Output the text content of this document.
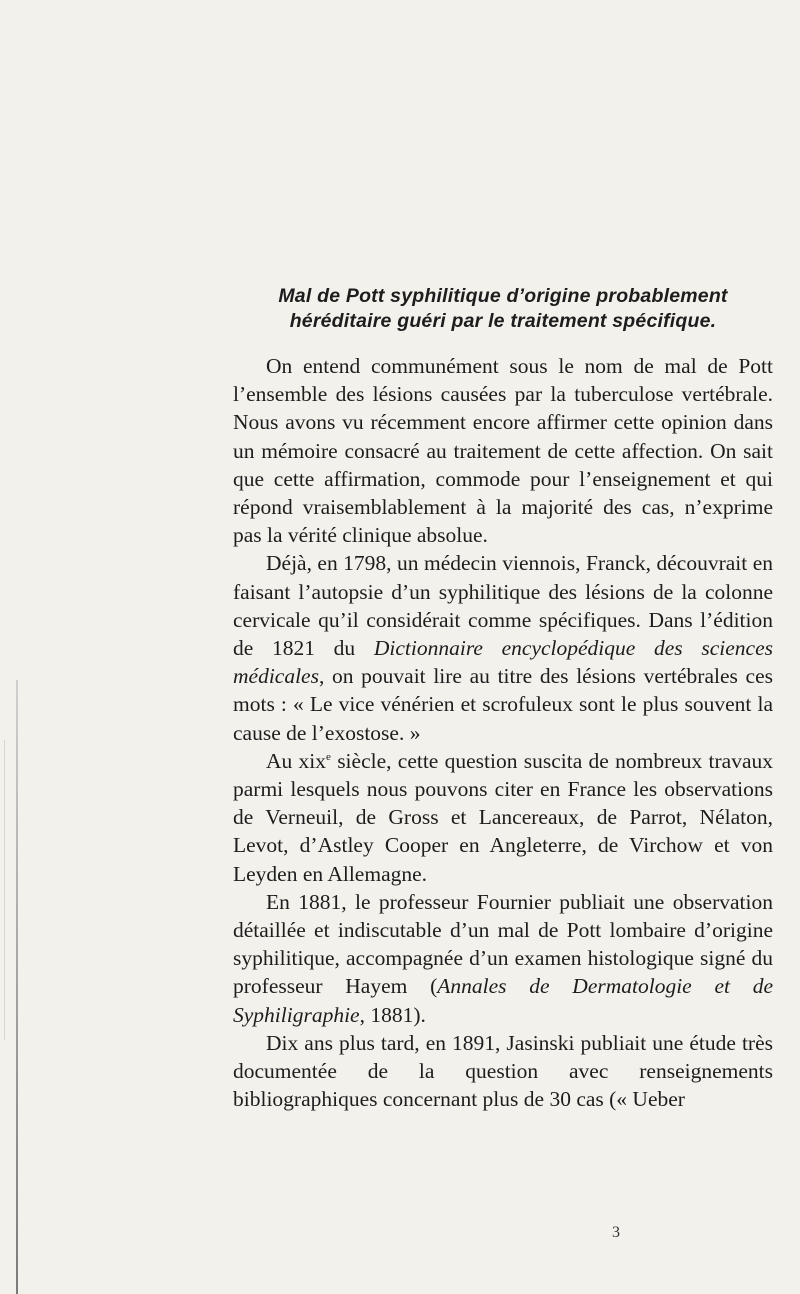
Mal de Pott syphilitique d’origine probablement
héréditaire guéri par le traitement spécifique.

On entend communément sous le nom de mal de Pott l’ensemble des lésions causées par la tuberculose vertébrale. Nous avons vu récemment encore affirmer cette opinion dans un mémoire consacré au traitement de cette affection. On sait que cette affirmation, commode pour l’enseignement et qui répond vraisemblablement à la majorité des cas, n’exprime pas la vérité clinique absolue.

Déjà, en 1798, un médecin viennois, Franck, découvrait en faisant l’autopsie d’un syphilitique des lésions de la colonne cervicale qu’il considérait comme spécifiques. Dans l’édition de 1821 du Dictionnaire encyclopédique des sciences médicales, on pouvait lire au titre des lésions vertébrales ces mots : « Le vice vénérien et scrofuleux sont le plus souvent la cause de l’exostose. »

Au xix$^e$ siècle, cette question suscita de nombreux travaux parmi lesquels nous pouvons citer en France les observations de Verneuil, de Gross et Lancereaux, de Parrot, Nélaton, Levot, d’Astley Cooper en Angleterre, de Virchow et von Leyden en Allemagne.

En 1881, le professeur Fournier publiait une observation détaillée et indiscutable d’un mal de Pott lombaire d’origine syphilitique, accompagnée d’un examen histologique signé du professeur Hayem (Annales de Dermatologie et de Syphiligraphie, 1881).

Dix ans plus tard, en 1891, Jasinski publiait une étude très documentée de la question avec renseignements bibliographiques concernant plus de 30 cas (« Ueber

3
